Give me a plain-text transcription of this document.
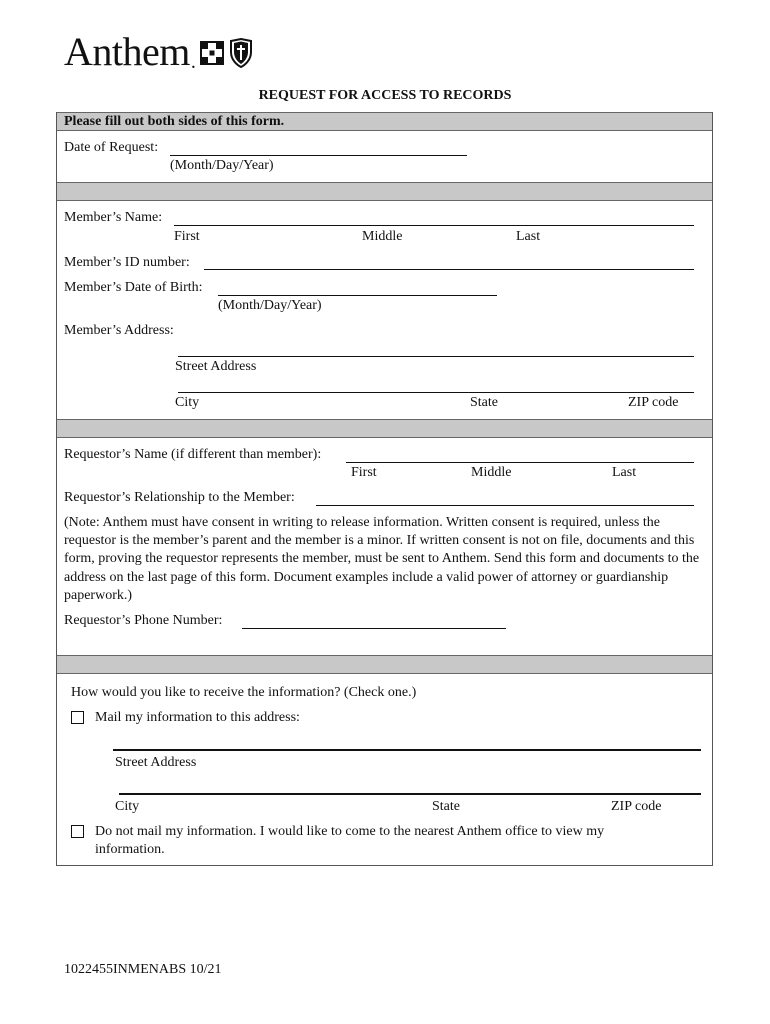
Anthem .
REQUEST FOR ACCESS TO RECORDS
Please fill out both sides of this form.
Date of Request:
(Month/Day/Year)
Member’s Name:
First	Middle	Last
Member’s ID number:
Member’s Date of Birth:
(Month/Day/Year)
Member’s Address:
Street Address
City	State	ZIP code
Requestor’s Name (if different than member):
First	Middle	Last
Requestor’s Relationship to the Member:
(Note: Anthem must have consent in writing to release information. Written consent is required, unless the requestor is the member’s parent and the member is a minor. If written consent is not on file, documents and this form, proving the requestor represents the member, must be sent to Anthem. Send this form and documents to the address on the last page of this form. Document examples include a valid power of attorney or guardianship paperwork.)
Requestor’s Phone Number:
How would you like to receive the information? (Check one.)
Mail my information to this address:
Street Address
City	State	ZIP code
Do not mail my information. I would like to come to the nearest Anthem office to view my
information.
1022455INMENABS 10/21
